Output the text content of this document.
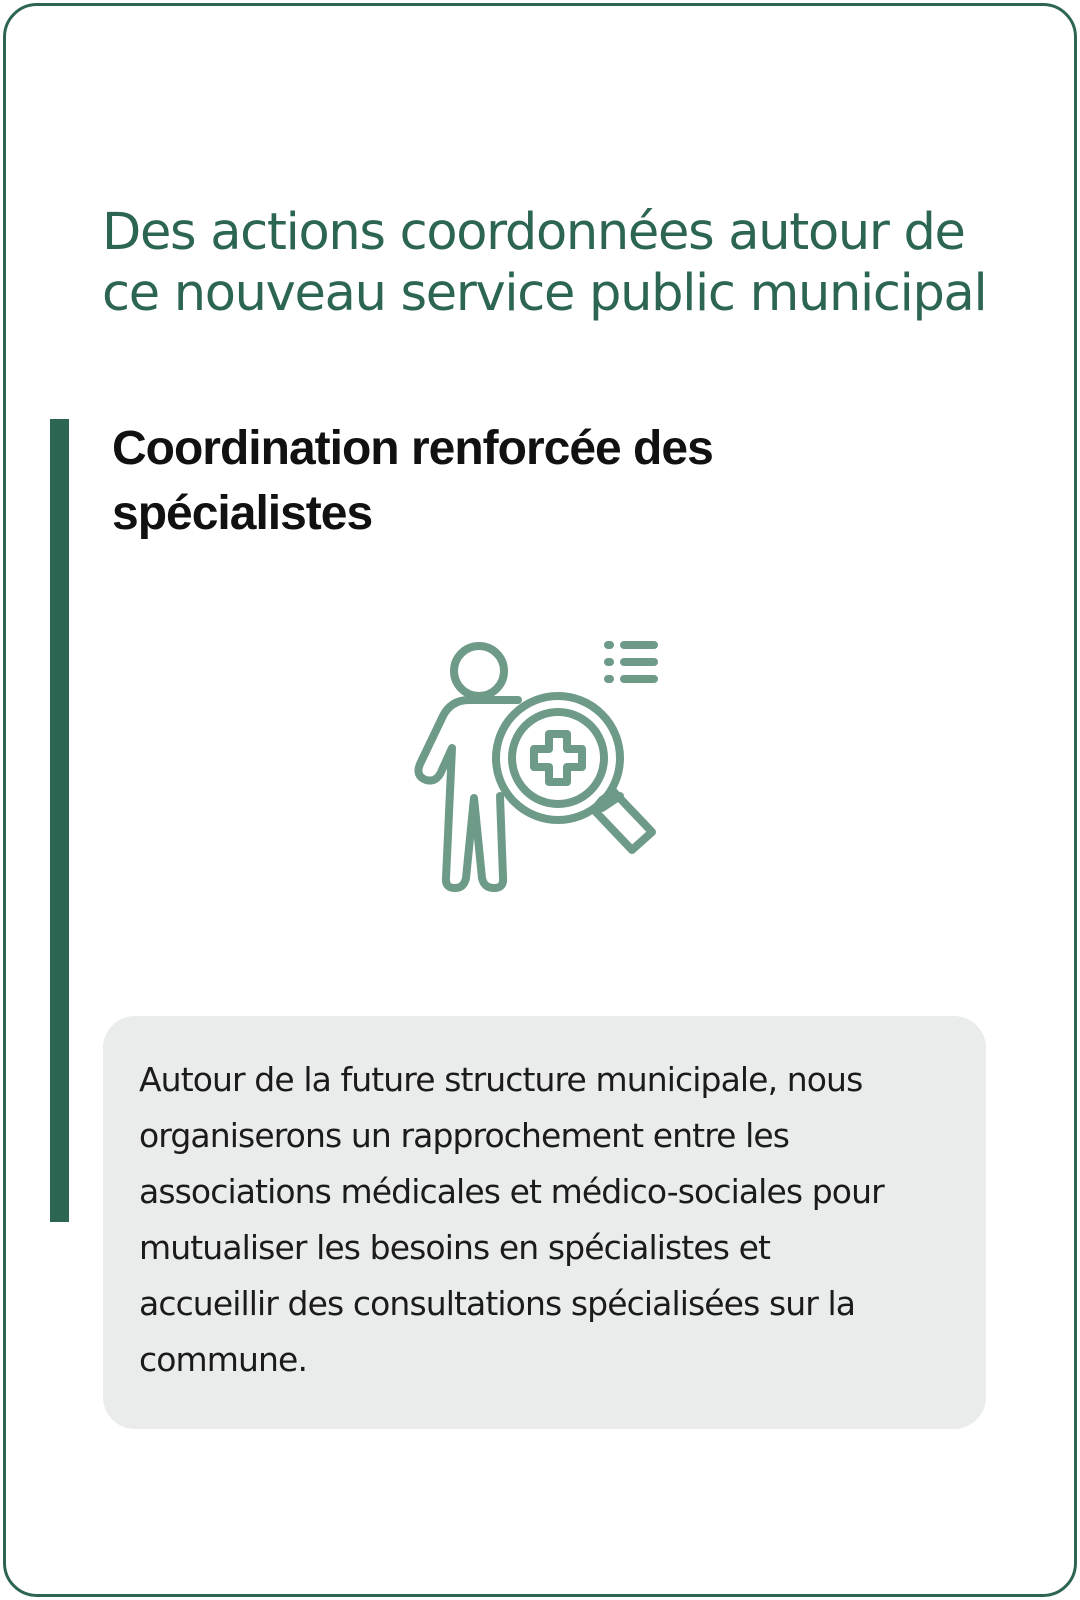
Des actions coordonnées autour de
ce nouveau service public municipal
Coordination renforcée des
spécialistes

Autour de la future structure municipale, nous
organiserons un rapprochement entre les
associations médicales et médico-sociales pour
mutualiser les besoins en spécialistes et
accueillir des consultations spécialisées sur la
commune.
